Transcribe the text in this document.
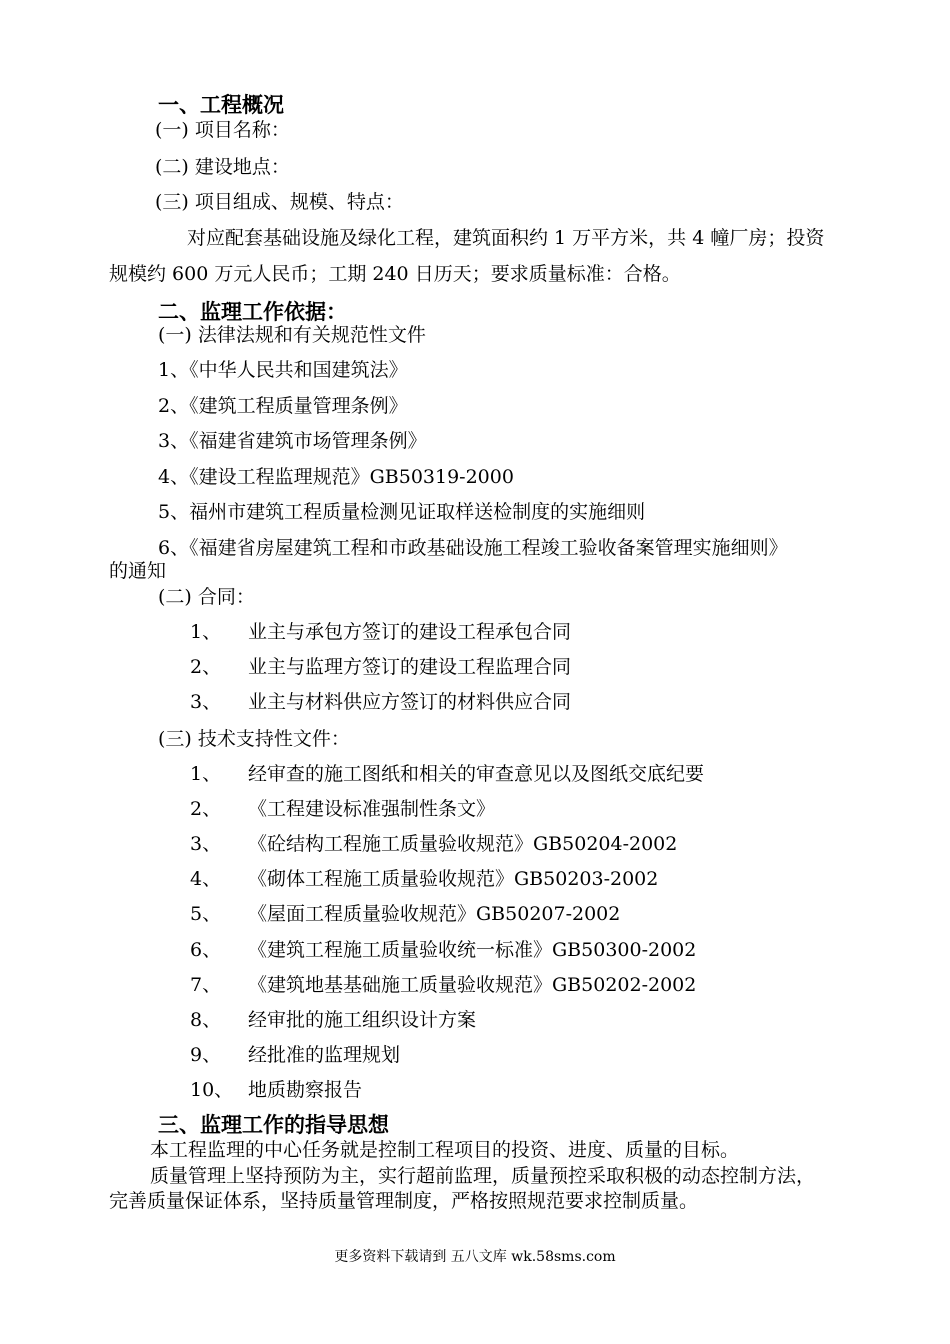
一、工程概况
(一) 项目名称：
(二) 建设地点：
(三) 项目组成、规模、特点：
对应配套基础设施及绿化工程，建筑面积约 1 万平方米，共 4 幢厂房；投资
规模约 600 万元人民币；工期 240 日历天；要求质量标准：合格。
二、监理工作依据：
(一) 法律法规和有关规范性文件
1、《中华人民共和国建筑法》
2、《建筑工程质量管理条例》
3、《福建省建筑市场管理条例》
4、《建设工程监理规范》GB50319-2000
5、福州市建筑工程质量检测见证取样送检制度的实施细则
6、《福建省房屋建筑工程和市政基础设施工程竣工验收备案管理实施细则》
的通知
(二) 合同：
1、 业主与承包方签订的建设工程承包合同
2、 业主与监理方签订的建设工程监理合同
3、 业主与材料供应方签订的材料供应合同
(三) 技术支持性文件：
1、 经审查的施工图纸和相关的审查意见以及图纸交底纪要
2、 《工程建设标准强制性条文》
3、 《砼结构工程施工质量验收规范》GB50204-2002
4、 《砌体工程施工质量验收规范》GB50203-2002
5、 《屋面工程质量验收规范》GB50207-2002
6、 《建筑工程施工质量验收统一标准》GB50300-2002
7、 《建筑地基基础施工质量验收规范》GB50202-2002
8、 经审批的施工组织设计方案
9、 经批准的监理规划
10、 地质勘察报告
三、监理工作的指导思想
本工程监理的中心任务就是控制工程项目的投资、进度、质量的目标。
质量管理上坚持预防为主，实行超前监理，质量预控采取积极的动态控制方法，
完善质量保证体系，坚持质量管理制度，严格按照规范要求控制质量。
更多资料下载请到 五八文库 wk.58sms.com
